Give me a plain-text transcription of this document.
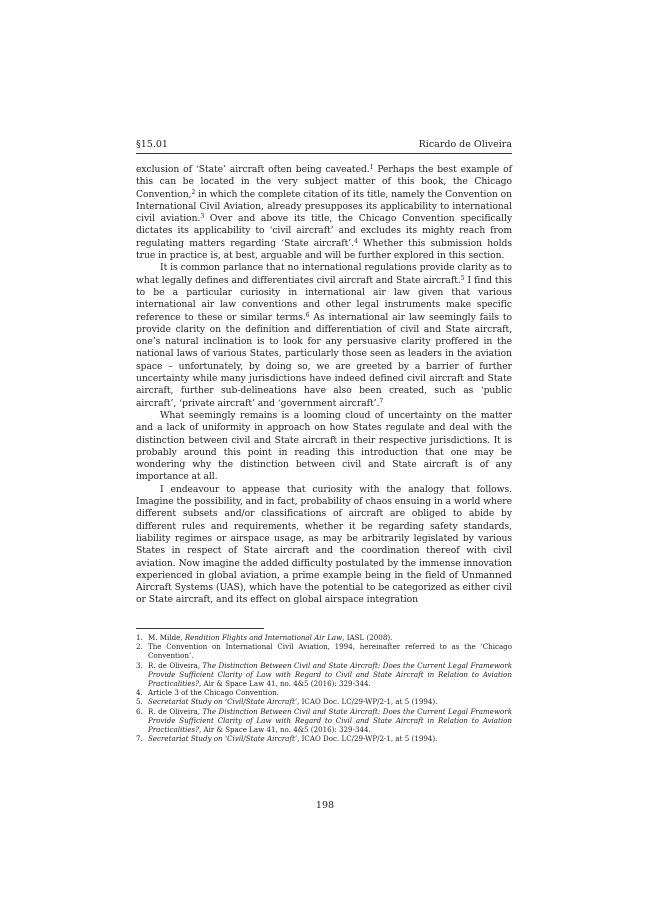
§15.01	Ricardo de Oliveira

exclusion of ‘State’ aircraft often being caveated.$^1$ Perhaps the best example of this can be located in the very subject matter of this book, the Chicago Convention,$^2$ in which the complete citation of its title, namely the Convention on International Civil Aviation, already presupposes its applicability to international civil aviation.$^3$ Over and above its title, the Chicago Convention specifically dictates its applicability to ‘civil aircraft’ and excludes its mighty reach from regulating matters regarding ‘State aircraft’.$^4$ Whether this submission holds true in practice is, at best, arguable and will be further explored in this section.

It is common parlance that no international regulations provide clarity as to what legally defines and differentiates civil aircraft and State aircraft.$^5$ I find this to be a particular curiosity in international air law given that various international air law conventions and other legal instruments make specific reference to these or similar terms.$^6$ As international air law seemingly fails to provide clarity on the definition and differentiation of civil and State aircraft, one’s natural inclination is to look for any persuasive clarity proffered in the national laws of various States, particularly those seen as leaders in the aviation space – unfortunately, by doing so, we are greeted by a barrier of further uncertainty while many jurisdictions have indeed defined civil aircraft and State aircraft, further sub-delineations have also been created, such as ‘public aircraft’, ‘private aircraft’ and ‘government aircraft’.$^7$

What seemingly remains is a looming cloud of uncertainty on the matter and a lack of uniformity in approach on how States regulate and deal with the distinction between civil and State aircraft in their respective jurisdictions. It is probably around this point in reading this introduction that one may be wondering why the distinction between civil and State aircraft is of any importance at all.

I endeavour to appease that curiosity with the analogy that follows. Imagine the possibility, and in fact, probability of chaos ensuing in a world where different subsets and/or classifications of aircraft are obliged to abide by different rules and requirements, whether it be regarding safety standards, liability regimes or airspace usage, as may be arbitrarily legislated by various States in respect of State aircraft and the coordination thereof with civil aviation. Now imagine the added difficulty postulated by the immense innovation experienced in global aviation, a prime example being in the field of Unmanned Aircraft Systems (UAS), which have the potential to be categorized as either civil or State aircraft, and its effect on global airspace integration

1. M. Milde, Rendition Flights and International Air Law, IASL (2008).
2. The Convention on International Civil Aviation, 1994, hereinafter referred to as the ‘Chicago Convention’.
3. R. de Oliveira, The Distinction Between Civil and State Aircraft: Does the Current Legal Framework Provide Sufficient Clarity of Law with Regard to Civil and State Aircraft in Relation to Aviation Practicalities?, Air & Space Law 41, no. 4&5 (2016): 329-344.
4. Article 3 of the Chicago Convention.
5. Secretariat Study on ‘Civil/State Aircraft’, ICAO Doc. LC/29-WP/2-1, at 5 (1994).
6. R. de Oliveira, The Distinction Between Civil and State Aircraft: Does the Current Legal Framework Provide Sufficient Clarity of Law with Regard to Civil and State Aircraft in Relation to Aviation Practicalities?, Air & Space Law 41, no. 4&5 (2016): 329-344.
7. Secretariat Study on ‘Civil/State Aircraft’, ICAO Doc. LC/29-WP/2-1, at 5 (1994).
198
